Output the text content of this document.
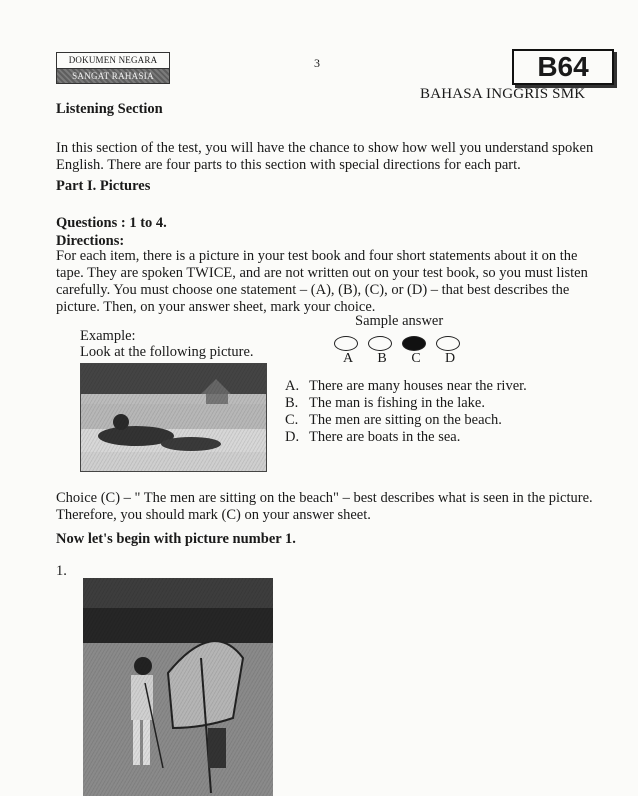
DOKUMEN NEGARA
SANGAT RAHASIA
3	B64
BAHASA INGGRIS SMK
Listening Section
In this section of the test, you will have the chance to show how well you understand spoken English. There are four parts to this section with special directions for each part.
Part I. Pictures
Questions : 1 to 4.
Directions:
For each item, there is a picture in your test book and four short statements about it on the tape. They are spoken TWICE, and are not written out on your test book, so you must listen carefully. You must choose one statement – (A), (B), (C), or (D) – that best describes the picture. Then, on your answer sheet, mark your choice.
Example:
Look at the following picture.
Sample answer
A	B	C	D
A. There are many houses near the river.
B. The man is fishing in the lake.
C. The men are sitting on the beach.
D. There are boats in the sea.
Choice (C) – " The men are sitting on the beach" – best describes what is seen in the picture. Therefore, you should mark (C) on your answer sheet.
Now let's begin with picture number 1.
1.
